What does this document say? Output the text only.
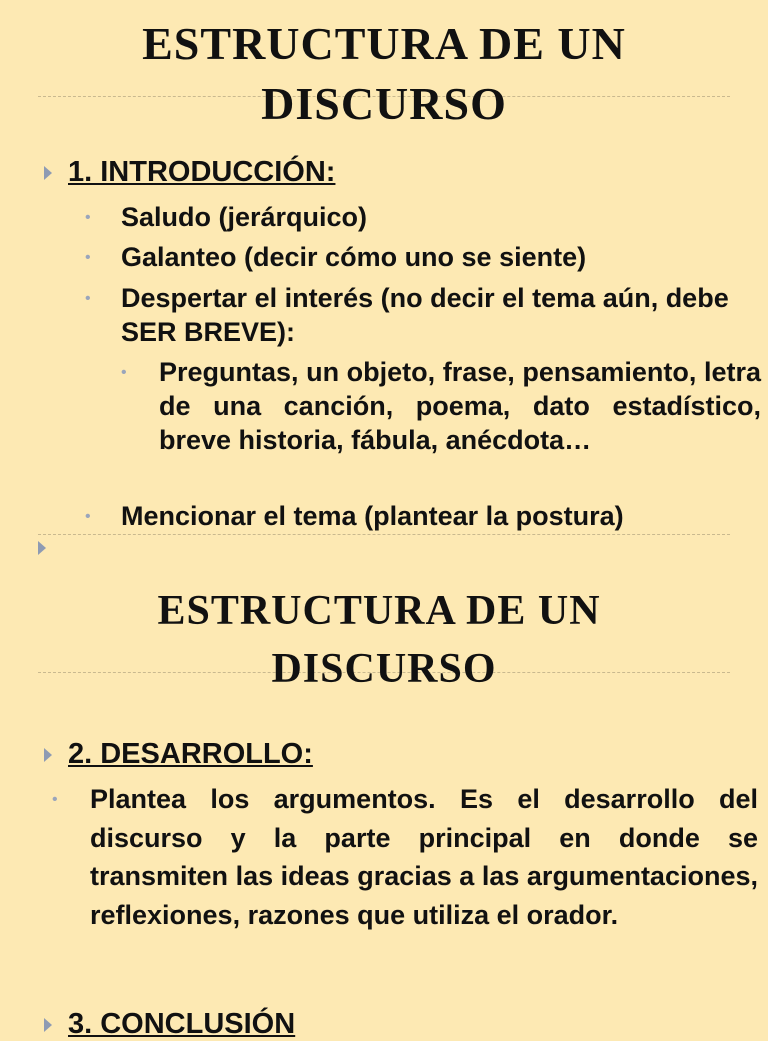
ESTRUCTURA DE UN
DISCURSO
1. INTRODUCCIÓN:
• Saludo (jerárquico)
• Galanteo (decir cómo uno se siente)
• Despertar el interés (no decir el tema aún, debe SER BREVE):
• Preguntas, un objeto, frase, pensamiento, letra de una canción, poema, dato estadístico, breve historia, fábula, anécdota…
• Mencionar el tema (plantear la postura)
ESTRUCTURA DE UN
DISCURSO
2. DESARROLLO:
• Plantea los argumentos. Es el desarrollo del discurso y la parte principal en donde se transmiten las ideas gracias a las argumentaciones, reflexiones, razones que utiliza el orador.
3. CONCLUSIÓN
